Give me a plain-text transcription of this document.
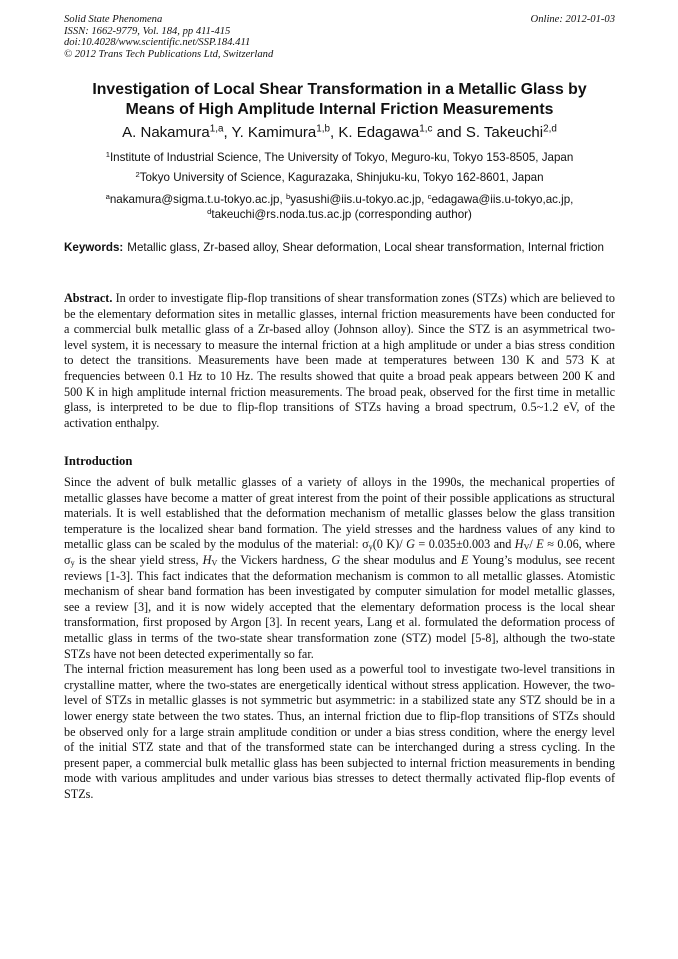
Solid State Phenomena
ISSN: 1662-9779, Vol. 184, pp 411-415
doi:10.4028/www.scientific.net/SSP.184.411
© 2012 Trans Tech Publications Ltd, Switzerland
Online: 2012-01-03
Investigation of Local Shear Transformation in a Metallic Glass by
Means of High Amplitude Internal Friction Measurements
A. Nakamura$^{1,a}$, Y. Kamimura$^{1,b}$, K. Edagawa$^{1,c}$ and S. Takeuchi$^{2,d}$
$^1$Institute of Industrial Science, The University of Tokyo, Meguro-ku, Tokyo 153-8505, Japan
$^2$Tokyo University of Science, Kagurazaka, Shinjuku-ku, Tokyo 162-8601, Japan
$^a$nakamura@sigma.t.u-tokyo.ac.jp, $^b$yasushi@iis.u-tokyo.ac.jp, $^c$edagawa@iis.u-tokyo,ac.jp,
$^d$takeuchi@rs.noda.tus.ac.jp (corresponding author)
Keywords: Metallic glass, Zr-based alloy, Shear deformation, Local shear transformation, Internal friction
Abstract. In order to investigate flip-flop transitions of shear transformation zones (STZs) which are believed to be the elementary deformation sites in metallic glasses, internal friction measurements have been conducted for a commercial bulk metallic glass of a Zr-based alloy (Johnson alloy). Since the STZ is an asymmetrical two-level system, it is necessary to measure the internal friction at a high amplitude or under a bias stress condition to detect the transitions. Measurements have been made at temperatures between 130 K and 573 K at frequencies between 0.1 Hz to 10 Hz. The results showed that quite a broad peak appears between 200 K and 500 K in high amplitude internal friction measurements. The broad peak, observed for the first time in metallic glass, is interpreted to be due to flip-flop transitions of STZs having a broad spectrum, 0.5~1.2 eV, of the activation enthalpy.
Introduction

Since the advent of bulk metallic glasses of a variety of alloys in the 1990s, the mechanical properties of metallic glasses have become a matter of great interest from the point of their possible applications as structural materials. It is well established that the deformation mechanism of metallic glasses below the glass transition temperature is the localized shear band formation. The yield stresses and the hardness values of any kind to metallic glass can be scaled by the modulus of the material: $\sigma_y(0$ K)/ G = 0.035±0.003 and $H_V/$ E ≈ 0.06, where $\sigma_y$ is the shear yield stress, $H_V$ the Vickers hardness, G the shear modulus and E Young’s modulus, see recent reviews [1-3]. This fact indicates that the deformation mechanism is common to all metallic glasses. Atomistic mechanism of shear band formation has been investigated by computer simulation for model metallic glasses, see a review [3], and it is now widely accepted that the elementary deformation process is the local shear transformation, first proposed by Argon [3]. In recent years, Lang et al. formulated the deformation process of metallic glass in terms of the two-state shear transformation zone (STZ) model [5-8], although the two-state STZs have not been detected experimentally so far.

The internal friction measurement has long been used as a powerful tool to investigate two-level transitions in crystalline matter, where the two-states are energetically identical without stress application. However, the two-level of STZs in metallic glasses is not symmetric but asymmetric: in a stabilized state any STZ should be in a lower energy state between the two states. Thus, an internal friction due to flip-flop transitions of STZs should be observed only for a large strain amplitude condition or under a bias stress condition, where the energy level of the initial STZ state and that of the transformed state can be interchanged during a stress cycling. In the present paper, a commercial bulk metallic glass has been subjected to internal friction measurements in bending mode with various amplitudes and under various bias stresses to detect thermally activated flip-flop events of STZs.
